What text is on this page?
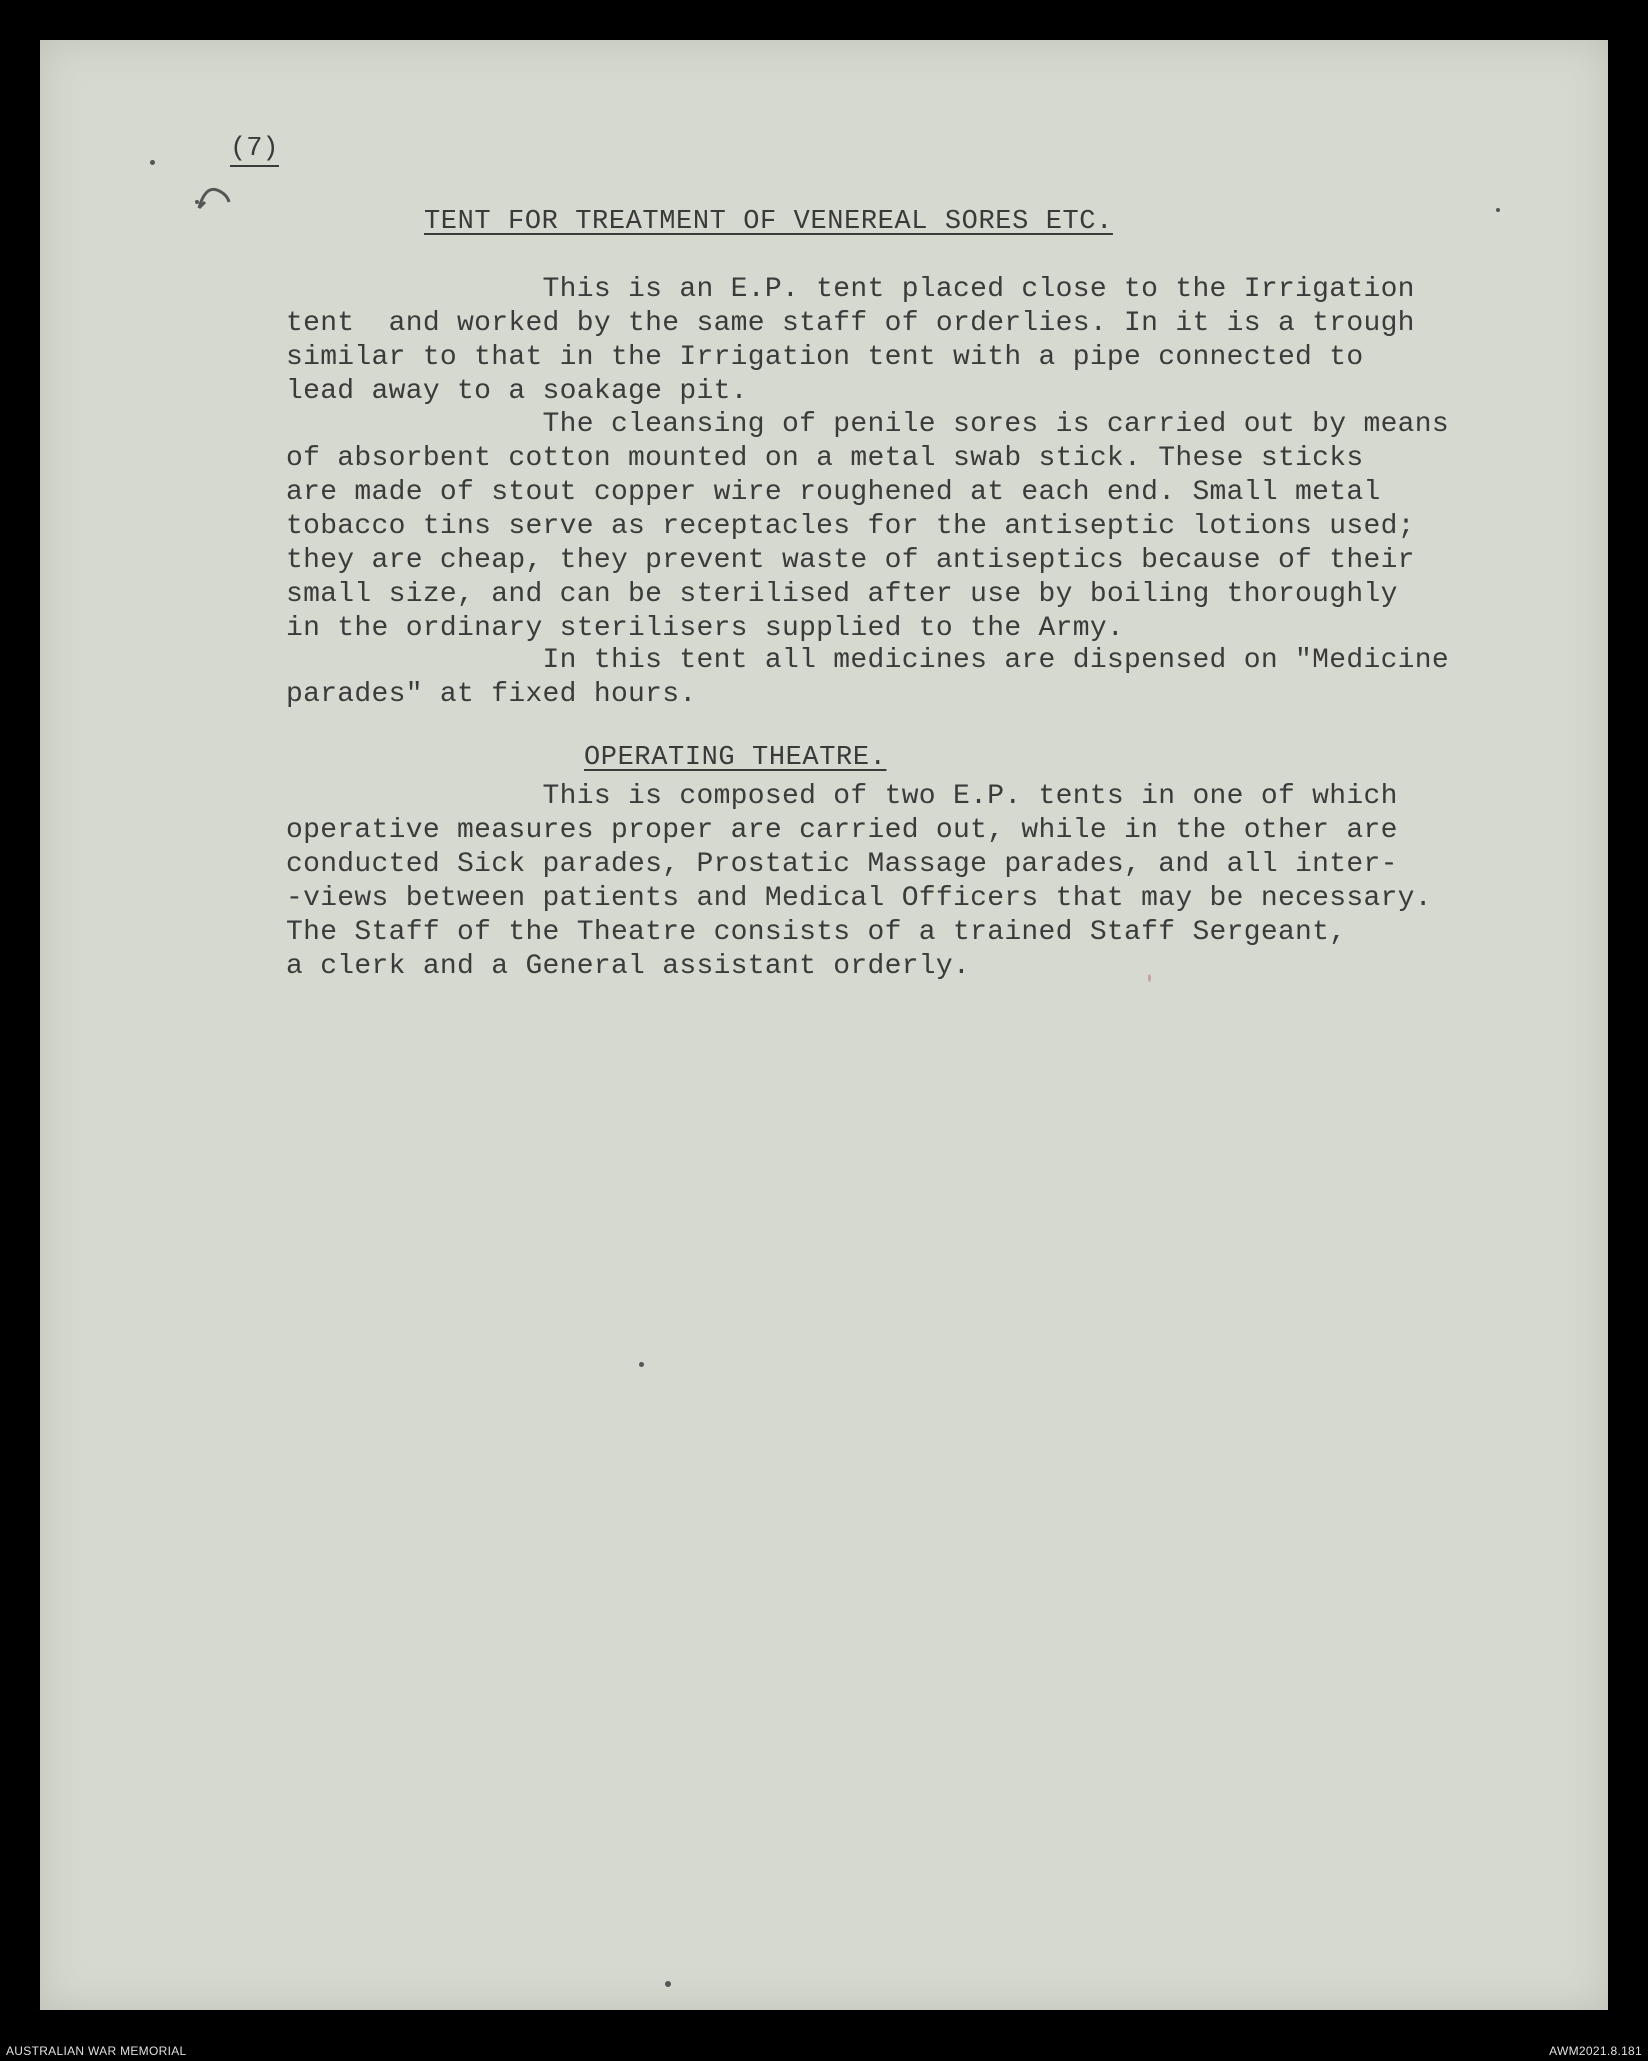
(7)
TENT FOR TREATMENT OF VENEREAL SORES ETC.
This is an E.P. tent placed close to the Irrigation
tent  and worked by the same staff of orderlies. In it is a trough
similar to that in the Irrigation tent with a pipe connected to
lead away to a soakage pit.
The cleansing of penile sores is carried out by means
of absorbent cotton mounted on a metal swab stick. These sticks
are made of stout copper wire roughened at each end. Small metal
tobacco tins serve as receptacles for the antiseptic lotions used;
they are cheap, they prevent waste of antiseptics because of their
small size, and can be sterilised after use by boiling thoroughly
in the ordinary sterilisers supplied to the Army.
In this tent all medicines are dispensed on "Medicine
parades" at fixed hours.
OPERATING THEATRE.
This is composed of two E.P. tents in one of which
operative measures proper are carried out, while in the other are
conducted Sick parades, Prostatic Massage parades, and all inter-
-views between patients and Medical Officers that may be necessary.
The Staff of the Theatre consists of a trained Staff Sergeant,
a clerk and a General assistant orderly.
AUSTRALIAN WAR MEMORIAL	AWM2021.8.181
